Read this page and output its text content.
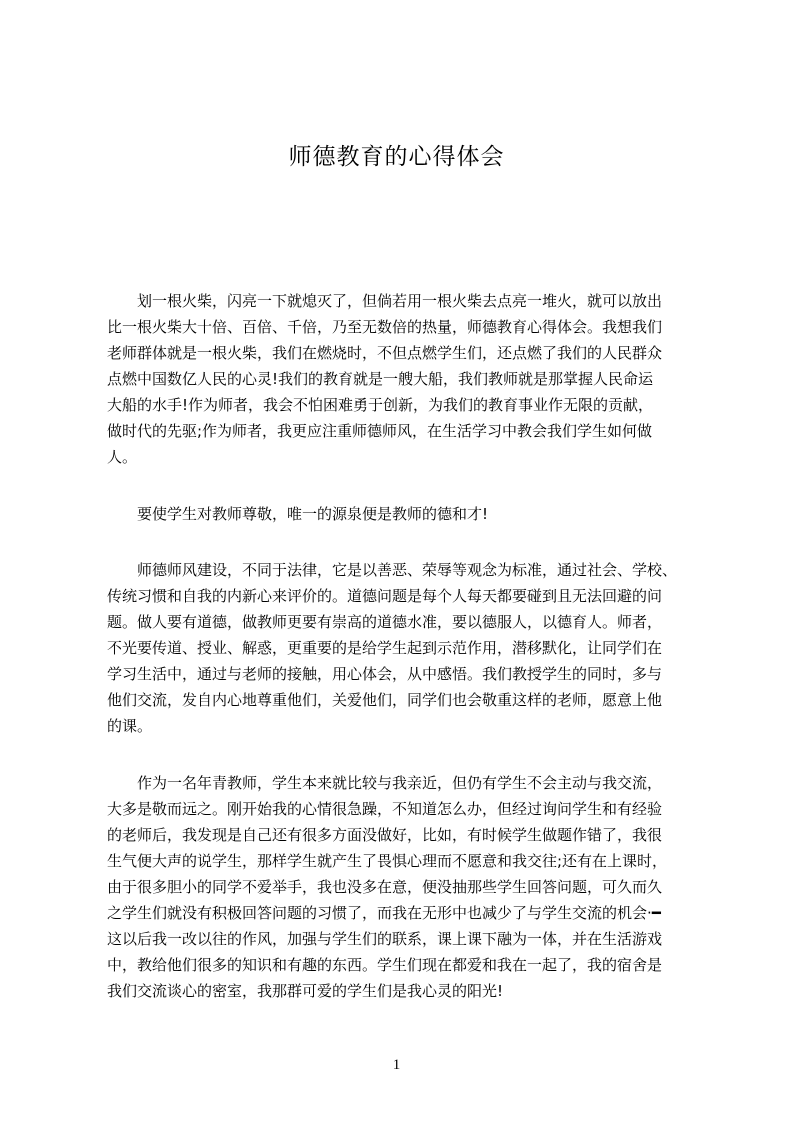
师德教育的心得体会
划一根火柴，闪亮一下就熄灭了，但倘若用一根火柴去点亮一堆火，就可以放出
比一根火柴大十倍、百倍、千倍，乃至无数倍的热量，师德教育心得体会。我想我们
老师群体就是一根火柴，我们在燃烧时，不但点燃学生们，还点燃了我们的人民群众
点燃中国数亿人民的心灵!我们的教育就是一艘大船，我们教师就是那掌握人民命运
大船的水手!作为师者，我会不怕困难勇于创新，为我们的教育事业作无限的贡献，
做时代的先驱;作为师者，我更应注重师德师风，在生活学习中教会我们学生如何做
人。
要使学生对教师尊敬，唯一的源泉便是教师的德和才!
师德师风建设，不同于法律，它是以善恶、荣辱等观念为标准，通过社会、学校、
传统习惯和自我的内新心来评价的。道德问题是每个人每天都要碰到且无法回避的问
题。做人要有道德，做教师更要有崇高的道德水准，要以德服人，以德育人。师者，
不光要传道、授业、解惑，更重要的是给学生起到示范作用，潜移默化，让同学们在
学习生活中，通过与老师的接触，用心体会，从中感悟。我们教授学生的同时，多与
他们交流，发自内心地尊重他们，关爱他们，同学们也会敬重这样的老师，愿意上他
的课。
作为一名年青教师，学生本来就比较与我亲近，但仍有学生不会主动与我交流，
大多是敬而远之。刚开始我的心情很急躁，不知道怎么办，但经过询问学生和有经验
的老师后，我发现是自己还有很多方面没做好，比如，有时候学生做题作错了，我很
生气便大声的说学生，那样学生就产生了畏惧心理而不愿意和我交往;还有在上课时，
由于很多胆小的同学不爱举手，我也没多在意，便没抽那些学生回答问题，可久而久
之学生们就没有积极回答问题的习惯了，而我在无形中也减少了与学生交流的机会·━
这以后我一改以往的作风，加强与学生们的联系，课上课下融为一体，并在生活游戏
中，教给他们很多的知识和有趣的东西。学生们现在都爱和我在一起了，我的宿舍是
我们交流谈心的密室，我那群可爱的学生们是我心灵的阳光!
1
